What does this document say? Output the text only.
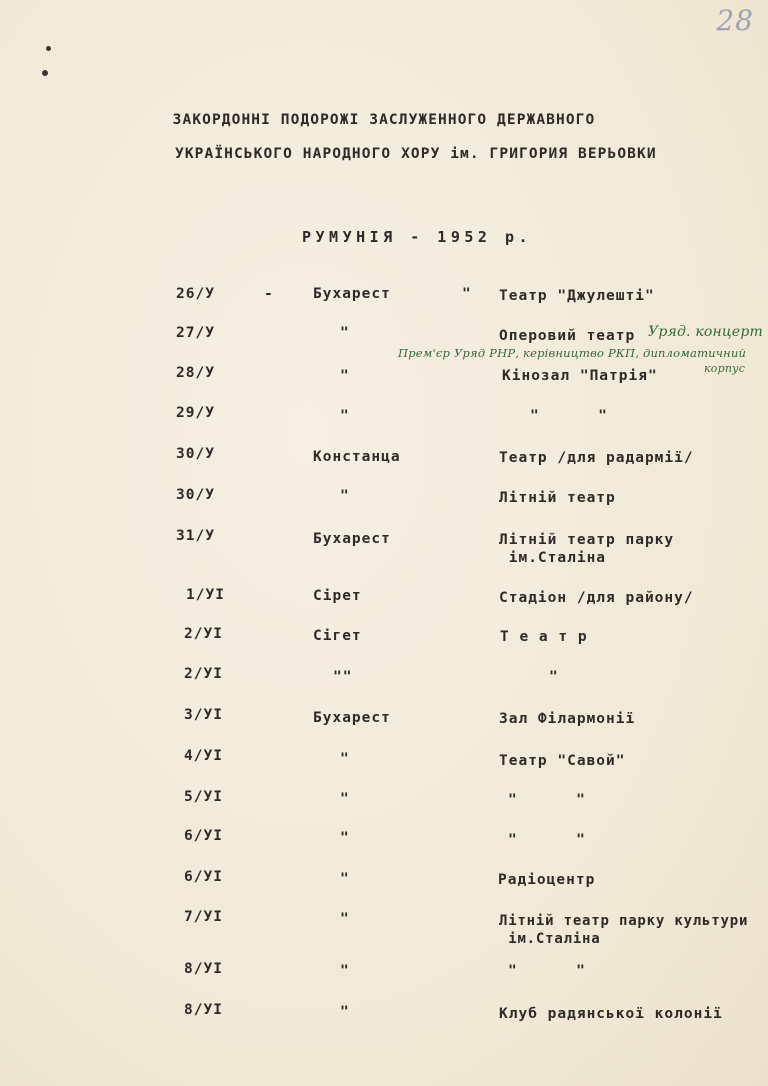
28
ЗАКОРДОННІ ПОДОРОЖІ ЗАСЛУЖЕННОГО ДЕРЖАВНОГО
УКРАЇНСЬКОГО НАРОДНОГО ХОРУ ім. ГРИГОРИЯ ВЕРЬОВКИ
РУМУНІЯ - 1952 р.
26/У	-	Бухарест	" Театр "Джулешті"
27/У	"	Оперовий театр Уряд. концерт
Прем'єр Уряд РНР, керівництво РКП, дипломатичний
корпус
28/У	"	Кінозал "Патрія"
29/У	"	"      "
30/У	Констанца	Театр /для радармії/
30/У	"	Літній театр
31/У	Бухарест	Літній театр парку
ім.Сталіна
1/УІ	Сірет	Стадіон /для району/
2/УІ	Сігет	Т е а т р
2/УІ	""	"
3/УІ	Бухарест	Зал Філармонії
4/УІ	"	Театр "Савой"
5/УІ	"	"      "
6/УІ	"	"      "
6/УІ	"	Радіоцентр
7/УІ	"	Літній театр парку культури
ім.Сталіна
8/УІ	"	"      "
8/УІ	"	Клуб радянської колонії
